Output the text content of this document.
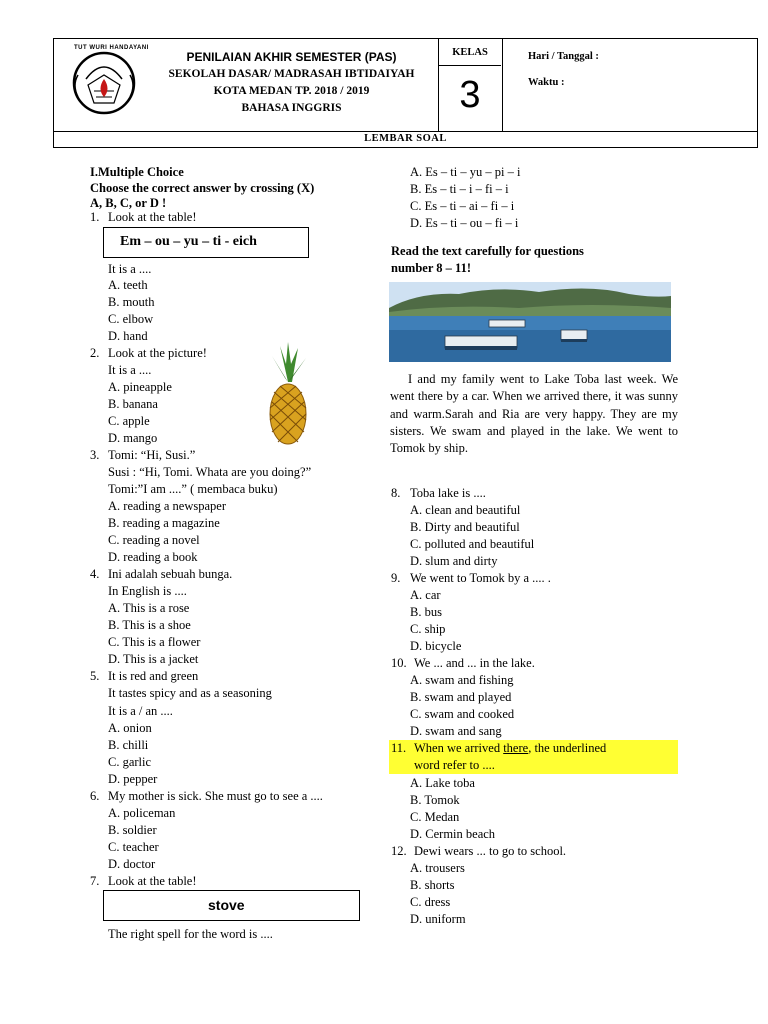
TUT WURI HANDAYANI
PENILAIAN AKHIR SEMESTER (PAS)
SEKOLAH DASAR/ MADRASAH IBTIDAIYAH
KOTA MEDAN TP. 2018 / 2019
BAHASA INGGRIS
KELAS
3
Hari / Tanggal :
Waktu :
LEMBAR SOAL
I.Multiple Choice
Choose the correct answer by crossing (X)
A, B, C, or D !
1. Look at the table!
Em – ou – yu – ti - eich
It is a ....
A. teeth
B. mouth
C. elbow
D. hand
2. Look at the picture!
It is a ....
A. pineapple
B. banana
C. apple
D. mango
3. Tomi: “Hi, Susi.”
Susi : “Hi, Tomi. Whata are you doing?”
Tomi:”I am ....” ( membaca buku)
A. reading a newspaper
B. reading a magazine
C. reading a novel
D. reading a book
4. Ini adalah sebuah bunga.
In English is ....
A. This is a rose
B. This is a shoe
C. This is a flower
D. This is a jacket
5. It is red and green
It tastes spicy and as a seasoning
It is a / an ....
A. onion
B. chilli
C. garlic
D. pepper
6. My mother is sick. She must go to see a ....
A. policeman
B. soldier
C. teacher
D. doctor
7. Look at the table!
stove
The right spell for the word is ....
A. Es – ti – yu – pi – i
B. Es – ti – i – fi – i
C. Es – ti – ai – fi – i
D. Es – ti – ou – fi – i
Read the text carefully for questions
number 8 – 11!
I and my family went to Lake Toba last week. We went there by a car. When we arrived there, it was sunny and warm.Sarah and Ria are very happy. They are my sisters. We swam and played in the lake. We went to Tomok by ship.
8. Toba lake is ....
A. clean and beautiful
B. Dirty and beautiful
C. polluted and beautiful
D. slum and dirty
9. We went to Tomok by a .... .
A. car
B. bus
C. ship
D. bicycle
10. We ... and ... in the lake.
A. swam and fishing
B. swam and played
C. swam and cooked
D. swam and sang
11. When we arrived there, the underlined
word refer to ....
A. Lake toba
B. Tomok
C. Medan
D. Cermin beach
12. Dewi wears ... to go to school.
A. trousers
B. shorts
C. dress
D. uniform
